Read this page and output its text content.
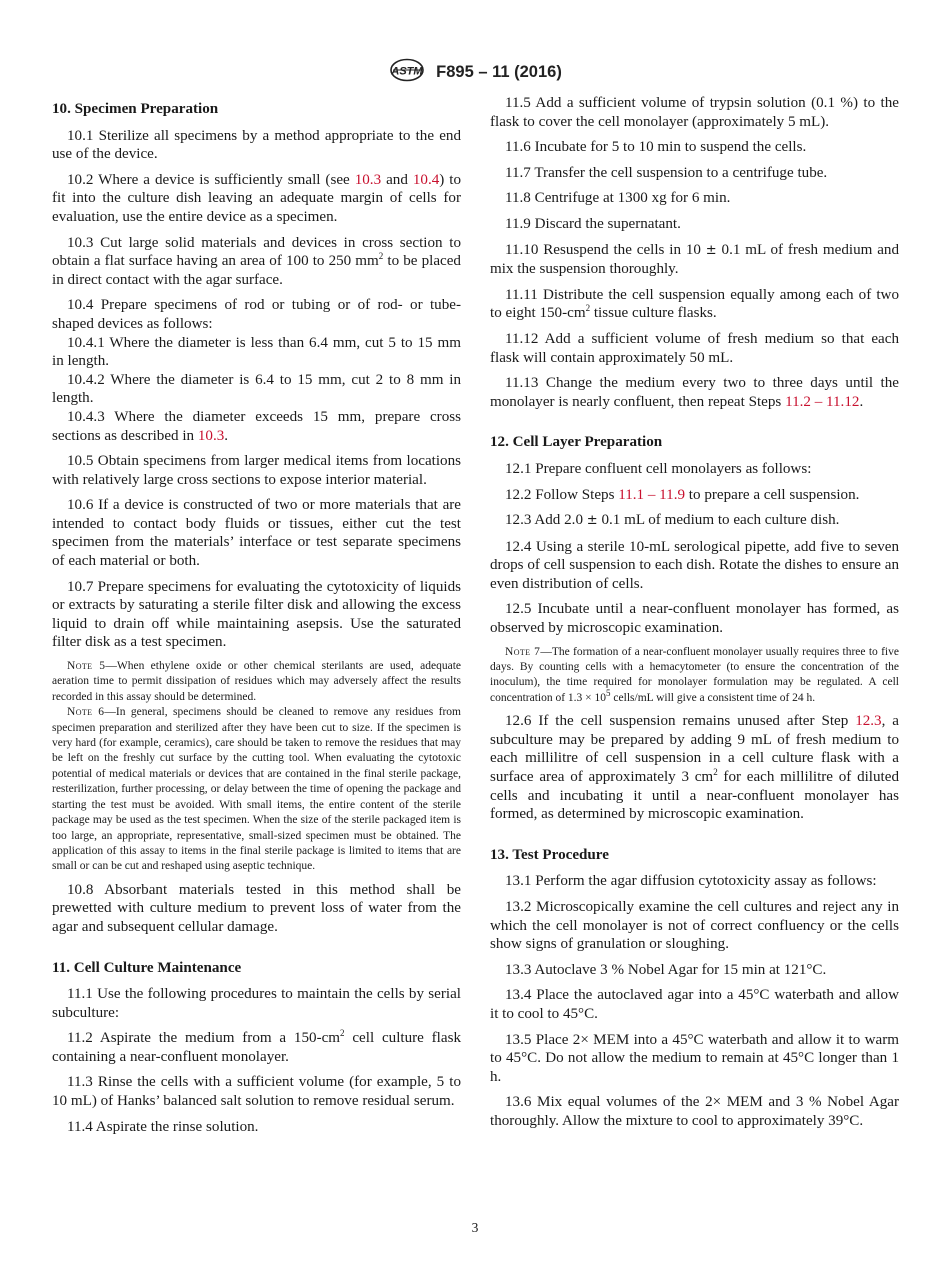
ASTM F895 – 11 (2016)
10. Specimen Preparation

10.1 Sterilize all specimens by a method appropriate to the end use of the device.

10.2 Where a device is sufficiently small (see 10.3 and 10.4) to fit into the culture dish leaving an adequate margin of cells for evaluation, use the entire device as a specimen.

10.3 Cut large solid materials and devices in cross section to obtain a flat surface having an area of 100 to 250 $mm^2$ to be placed in direct contact with the agar surface.

10.4 Prepare specimens of rod or tubing or of rod- or tube-shaped devices as follows:

10.4.1 Where the diameter is less than 6.4 mm, cut 5 to 15 mm in length.

10.4.2 Where the diameter is 6.4 to 15 mm, cut 2 to 8 mm in length.

10.4.3 Where the diameter exceeds 15 mm, prepare cross sections as described in 10.3.

10.5 Obtain specimens from larger medical items from locations with relatively large cross sections to expose interior material.

10.6 If a device is constructed of two or more materials that are intended to contact body fluids or tissues, either cut the test specimen from the materials’ interface or test separate specimens of each material or both.

10.7 Prepare specimens for evaluating the cytotoxicity of liquids or extracts by saturating a sterile filter disk and allowing the excess liquid to drain off while maintaining asepsis. Use the saturated filter disk as a test specimen.

Note 5—When ethylene oxide or other chemical sterilants are used, adequate aeration time to permit dissipation of residues which may adversely affect the results recorded in this assay should be determined.

Note 6—In general, specimens should be cleaned to remove any residues from specimen preparation and sterilized after they have been cut to size. If the specimen is very hard (for example, ceramics), care should be taken to remove the residues that may be left on the freshly cut surface by the cutting tool. When evaluating the cytotoxic potential of medical materials or devices that are contained in the final sterile package, resterilization, further processing, or delay between the time of opening the package and starting the test must be avoided. With small items, the entire content of the sterile package may be used as the test specimen. When the size of the sterile packaged item is too large, an appropriate, representative, small-sized specimen must be obtained. The application of this assay to items in the final sterile package is limited to items that are small or can be cut and reshaped using aseptic technique.

10.8 Absorbant materials tested in this method shall be prewetted with culture medium to prevent loss of water from the agar and subsequent cellular damage.

11. Cell Culture Maintenance

11.1 Use the following procedures to maintain the cells by serial subculture:

11.2 Aspirate the medium from a $150-cm^2$ cell culture flask containing a near-confluent monolayer.

11.3 Rinse the cells with a sufficient volume (for example, 5 to 10 mL) of Hanks’ balanced salt solution to remove residual serum.

11.4 Aspirate the rinse solution.

11.5 Add a sufficient volume of trypsin solution (0.1 %) to the flask to cover the cell monolayer (approximately 5 mL).

11.6 Incubate for 5 to 10 min to suspend the cells.

11.7 Transfer the cell suspension to a centrifuge tube.

11.8 Centrifuge at 1300 xg for 6 min.

11.9 Discard the supernatant.

11.10 Resuspend the cells in 10 ± 0.1 mL of fresh medium and mix the suspension thoroughly.

11.11 Distribute the cell suspension equally among each of two to eight $150-cm^2$ tissue culture flasks.

11.12 Add a sufficient volume of fresh medium so that each flask will contain approximately 50 mL.

11.13 Change the medium every two to three days until the monolayer is nearly confluent, then repeat Steps 11.2 – 11.12.

12. Cell Layer Preparation

12.1 Prepare confluent cell monolayers as follows:

12.2 Follow Steps 11.1 – 11.9 to prepare a cell suspension.

12.3 Add 2.0 ± 0.1 mL of medium to each culture dish.

12.4 Using a sterile 10-mL serological pipette, add five to seven drops of cell suspension to each dish. Rotate the dishes to ensure an even distribution of cells.

12.5 Incubate until a near-confluent monolayer has formed, as observed by microscopic examination.

Note 7—The formation of a near-confluent monolayer usually requires three to five days. By counting cells with a hemacytometer (to ensure the concentration of the inoculum), the time required for monolayer formulation may be regulated. A cell concentration of $1.3 \times 10^5$ cells/mL will give a consistent time of 24 h.

12.6 If the cell suspension remains unused after Step 12.3, a subculture may be prepared by adding 9 mL of fresh medium to each millilitre of cell suspension in a cell culture flask with a surface area of approximately 3 $cm^2$ for each millilitre of diluted cells and incubating it until a near-confluent monolayer has formed, as determined by microscopic examination.

13. Test Procedure

13.1 Perform the agar diffusion cytotoxicity assay as follows:

13.2 Microscopically examine the cell cultures and reject any in which the cell monolayer is not of correct confluency or the cells show signs of granulation or sloughing.

13.3 Autoclave 3 % Nobel Agar for 15 min at 121°C.

13.4 Place the autoclaved agar into a 45°C waterbath and allow it to cool to 45°C.

13.5 Place 2× MEM into a 45°C waterbath and allow it to warm to 45°C. Do not allow the medium to remain at 45°C longer than 1 h.

13.6 Mix equal volumes of the 2× MEM and 3 % Nobel Agar thoroughly. Allow the mixture to cool to approximately 39°C.

3
